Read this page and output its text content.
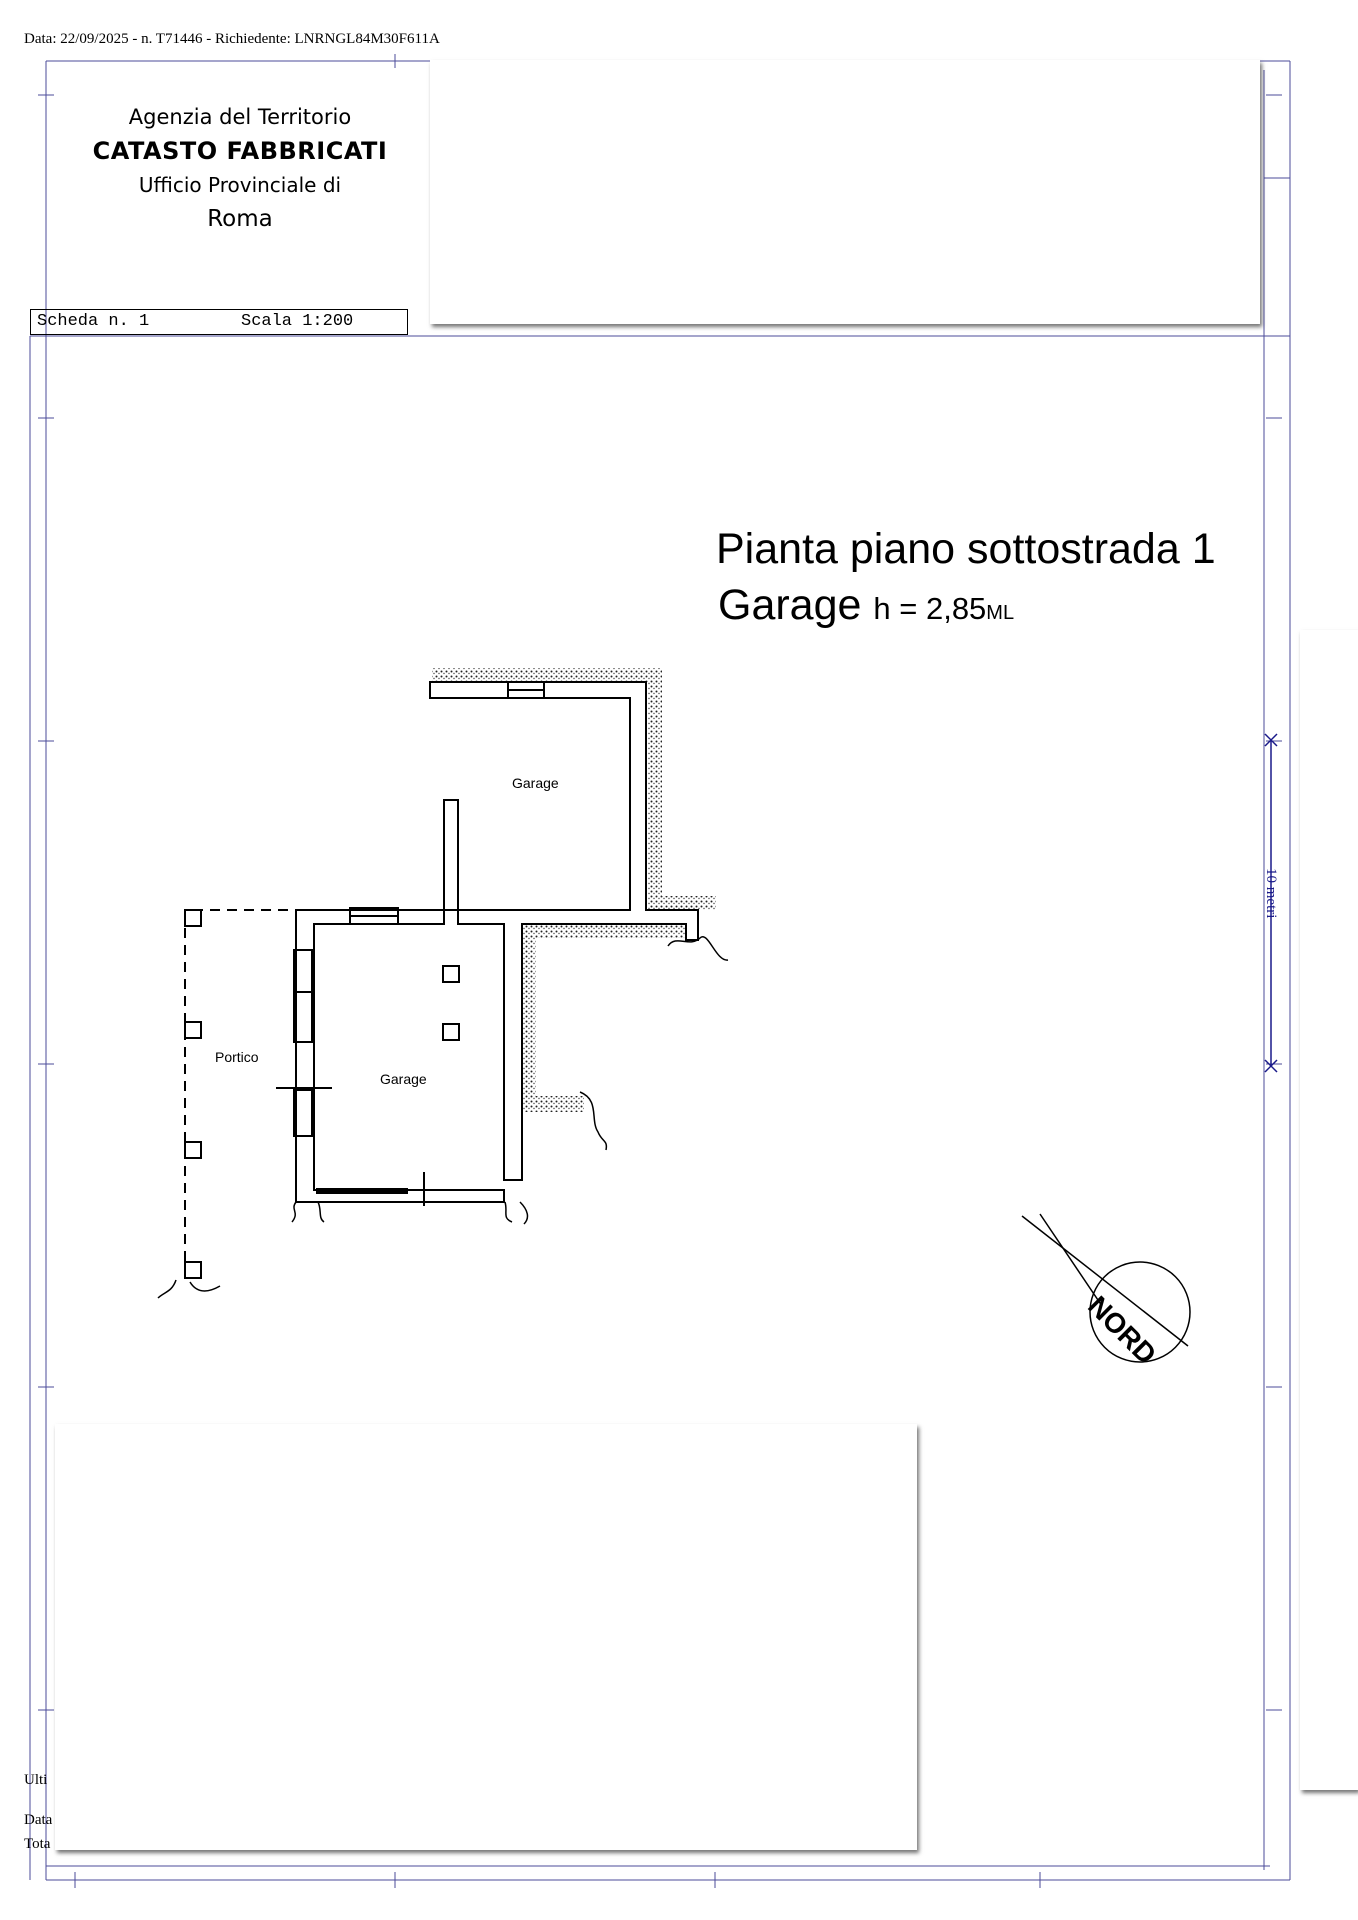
Data: 22/09/2025 - n. T71446 - Richiedente: LNRNGL84M30F611A
Agenzia del Territorio
CATASTO FABBRICATI
Ufficio Provinciale di
Roma
Scheda n. 1	Scala 1:200
Pianta piano sottostrada 1
Garage h = 2,85ML
Garage
Garage
Portico
NORD
10 metri
Ulti
Data
Tota
